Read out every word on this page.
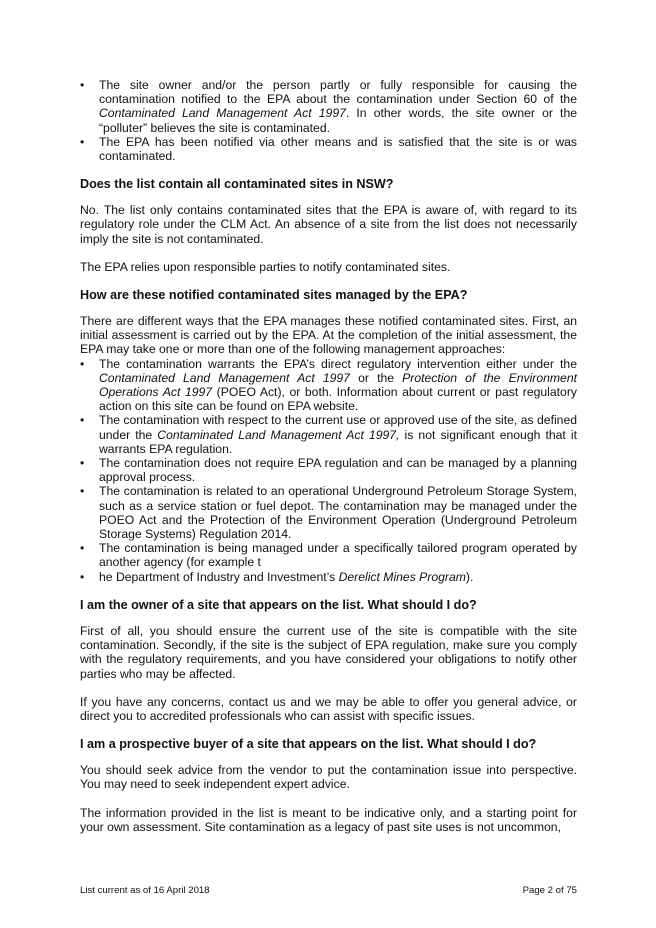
• The site owner and/or the person partly or fully responsible for causing the contamination notified to the EPA about the contamination under Section 60 of the Contaminated Land Management Act 1997. In other words, the site owner or the “polluter” believes the site is contaminated.
• The EPA has been notified via other means and is satisfied that the site is or was contaminated.
Does the list contain all contaminated sites in NSW?

No. The list only contains contaminated sites that the EPA is aware of, with regard to its regulatory role under the CLM Act. An absence of a site from the list does not necessarily imply the site is not contaminated.

The EPA relies upon responsible parties to notify contaminated sites.

How are these notified contaminated sites managed by the EPA?

There are different ways that the EPA manages these notified contaminated sites. First, an initial assessment is carried out by the EPA. At the completion of the initial assessment, the EPA may take one or more than one of the following management approaches:

• The contamination warrants the EPA’s direct regulatory intervention either under the Contaminated Land Management Act 1997 or the Protection of the Environment Operations Act 1997 (POEO Act), or both. Information about current or past regulatory action on this site can be found on EPA website.
• The contamination with respect to the current use or approved use of the site, as defined under the Contaminated Land Management Act 1997, is not significant enough that it warrants EPA regulation.
• The contamination does not require EPA regulation and can be managed by a planning approval process.
• The contamination is related to an operational Underground Petroleum Storage System, such as a service station or fuel depot. The contamination may be managed under the POEO Act and the Protection of the Environment Operation (Underground Petroleum Storage Systems) Regulation 2014.
• The contamination is being managed under a specifically tailored program operated by another agency (for example t
• he Department of Industry and Investment’s Derelict Mines Program).
I am the owner of a site that appears on the list. What should I do?

First of all, you should ensure the current use of the site is compatible with the site contamination. Secondly, if the site is the subject of EPA regulation, make sure you comply with the regulatory requirements, and you have considered your obligations to notify other parties who may be affected.

If you have any concerns, contact us and we may be able to offer you general advice, or direct you to accredited professionals who can assist with specific issues.

I am a prospective buyer of a site that appears on the list. What should I do?

You should seek advice from the vendor to put the contamination issue into perspective. You may need to seek independent expert advice.

The information provided in the list is meant to be indicative only, and a starting point for your own assessment. Site contamination as a legacy of past site uses is not uncommon,

List current as of 16 April 2018	Page 2 of 75
